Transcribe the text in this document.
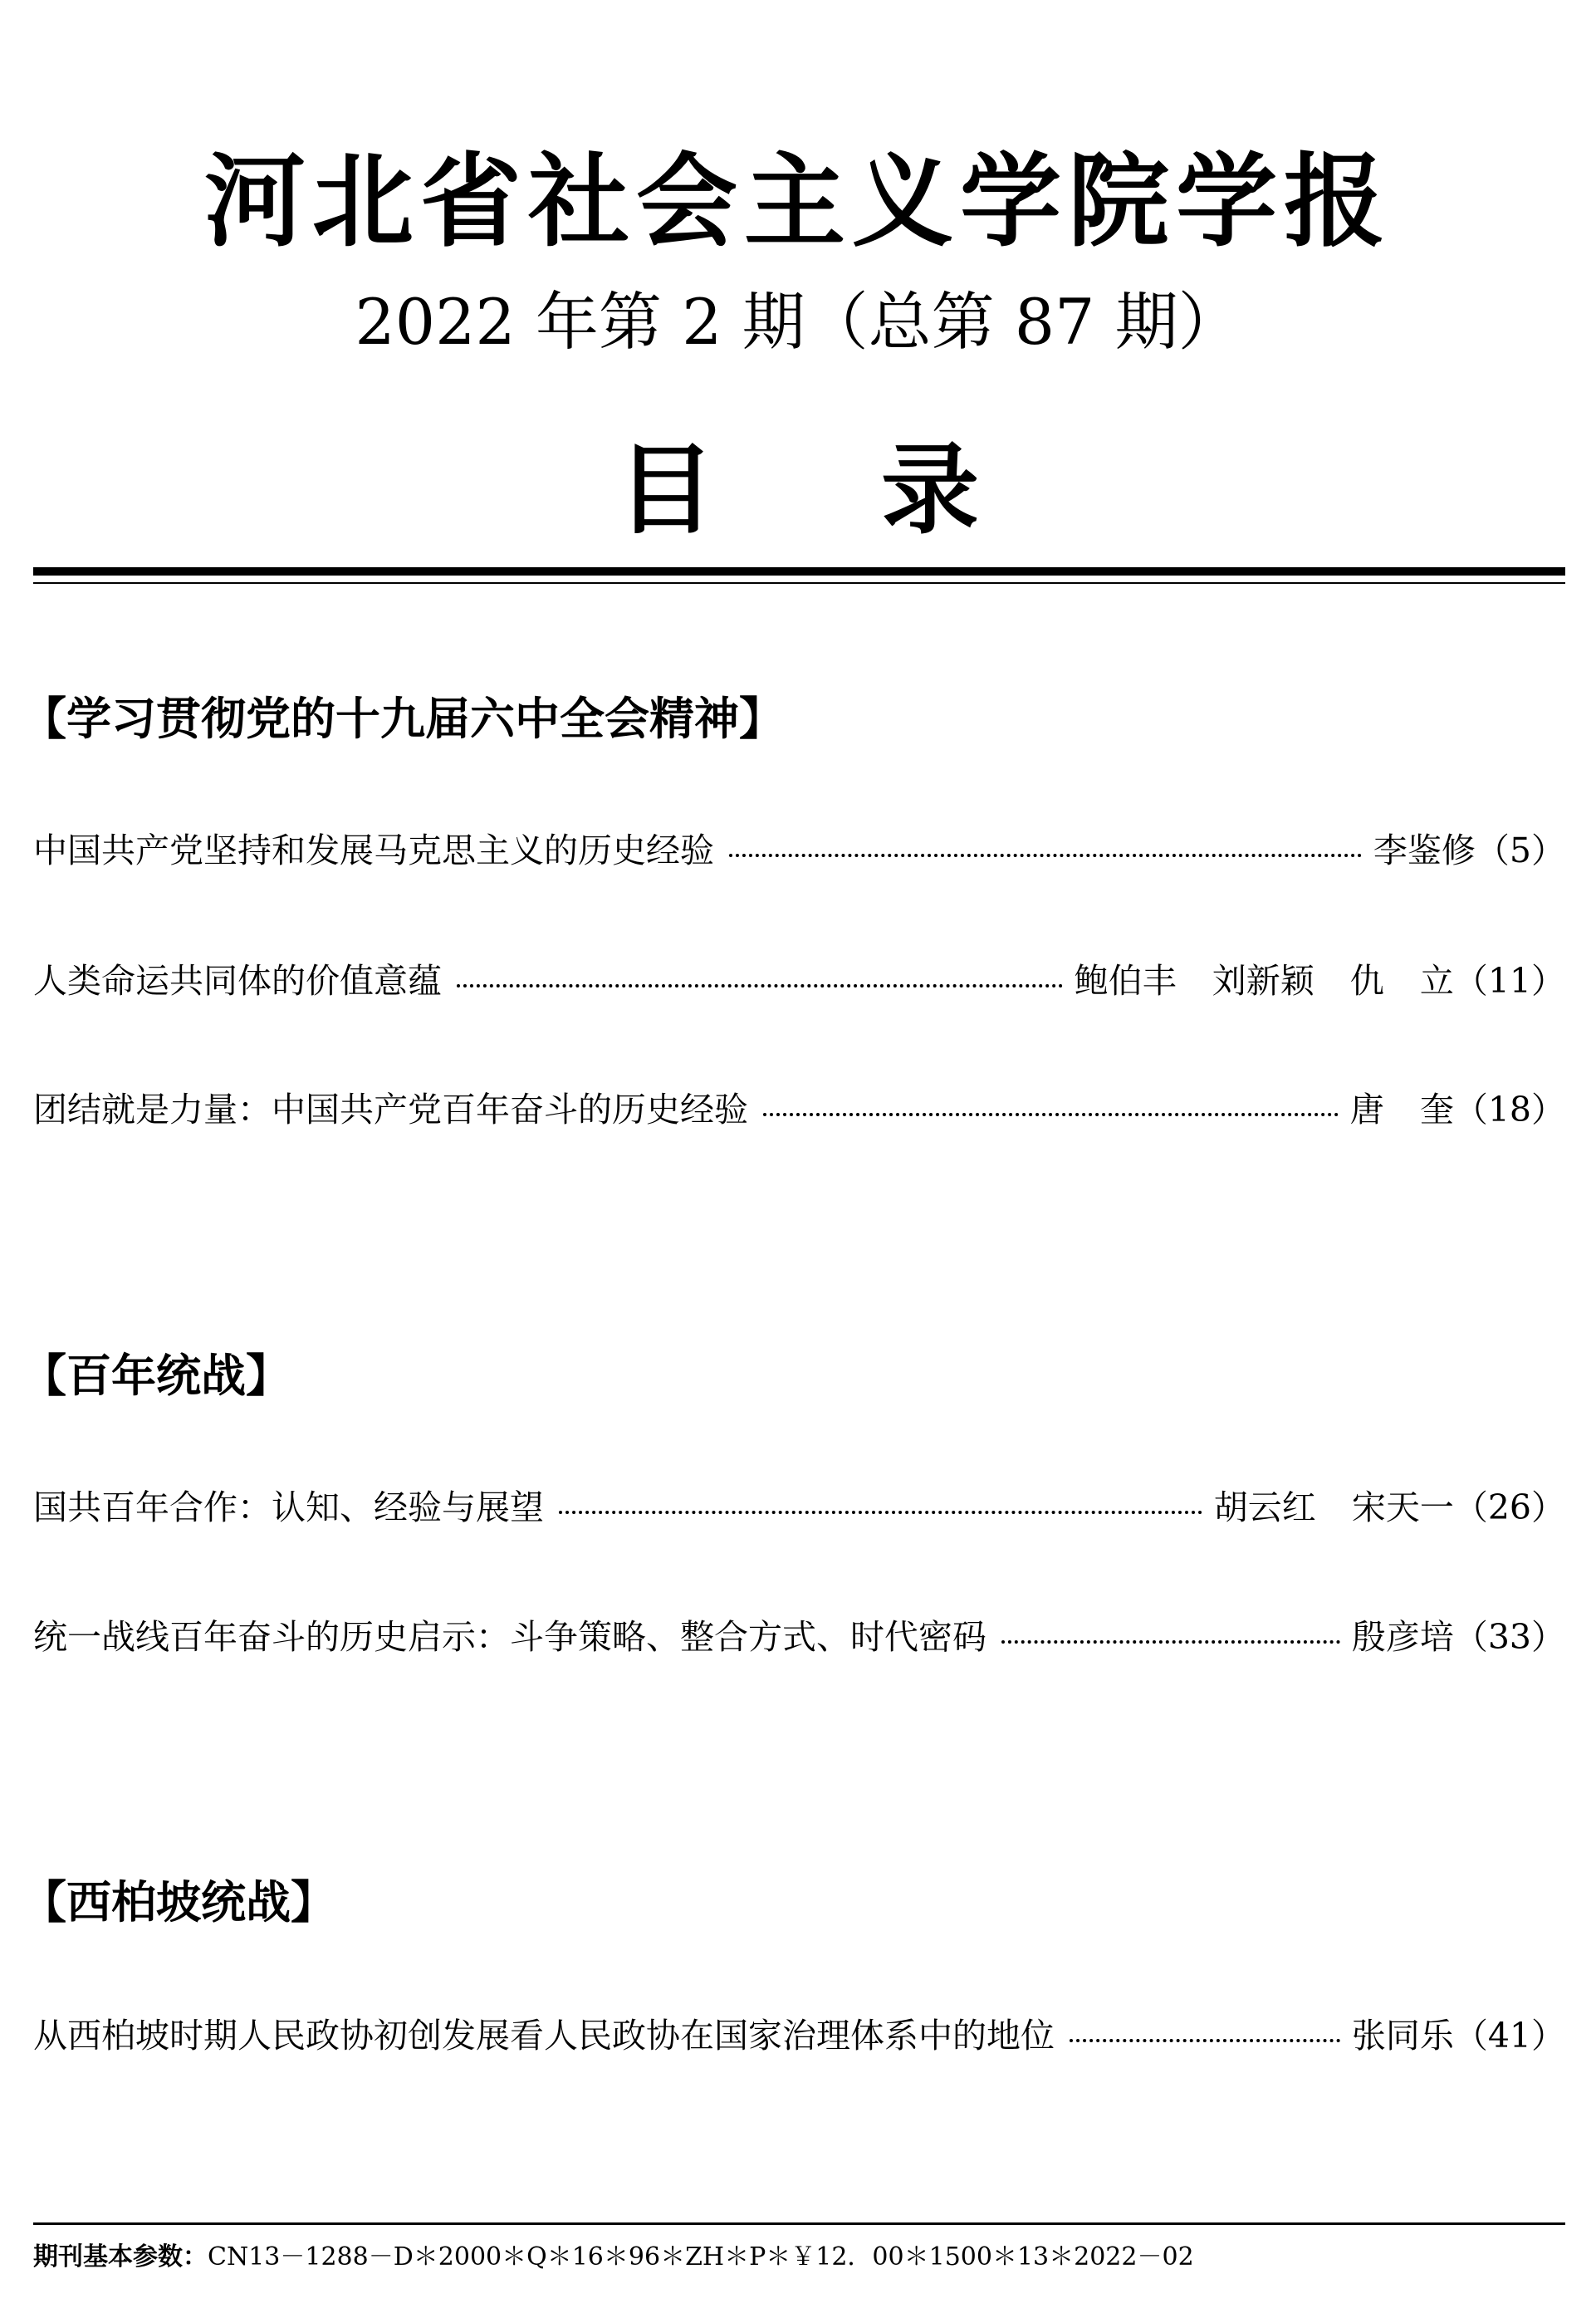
河北省社会主义学院学报
2022 年第 2 期（总第 87 期）
目录
【学习贯彻党的十九届六中全会精神】
中国共产党坚持和发展马克思主义的历史经验	李鉴修 （5）
人类命运共同体的价值意蕴	鲍伯丰 刘新颖 仇 立 （11）
团结就是力量：中国共产党百年奋斗的历史经验	唐 奎 （18）
【百年统战】
国共百年合作：认知、经验与展望	胡云红 宋天一 （26）
统一战线百年奋斗的历史启示：斗争策略、整合方式、时代密码	殷彦培 （33）
【西柏坡统战】
从西柏坡时期人民政协初创发展看人民政协在国家治理体系中的地位	张同乐 （41）
期刊基本参数：CN13－1288－D＊2000＊Q＊16＊96＊ZH＊P＊￥12．00＊1500＊13＊2022－02
